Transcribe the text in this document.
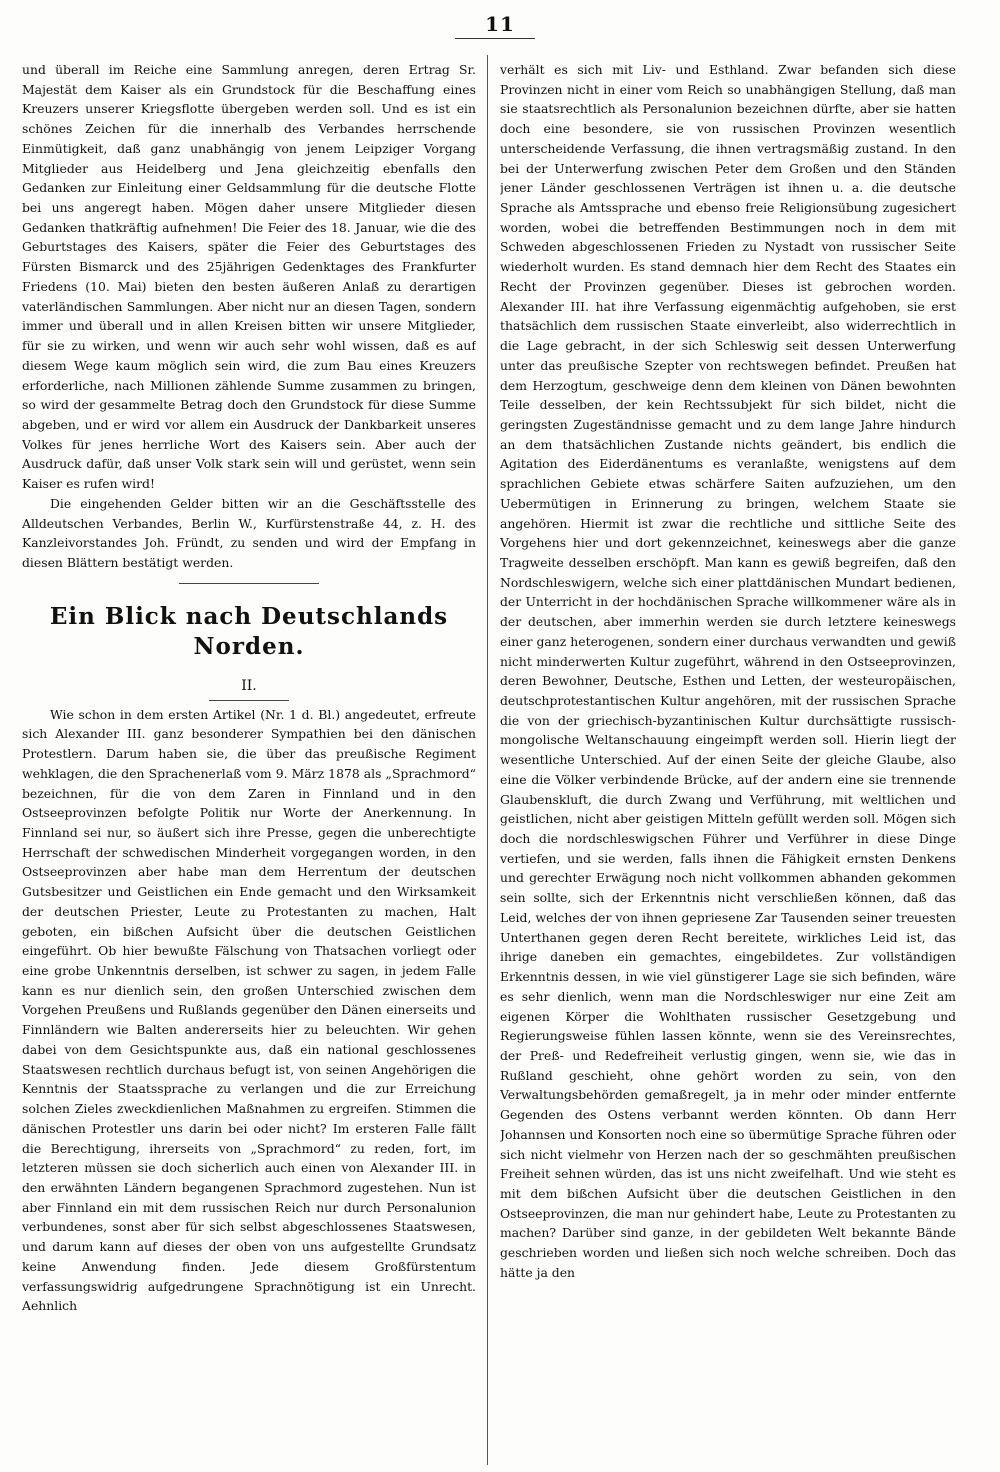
11

und überall im Reiche eine Sammlung anregen, deren Ertrag Sr. Majestät dem Kaiser als ein Grundstock für die Beschaffung eines Kreuzers unserer Kriegsflotte übergeben werden soll. Und es ist ein schönes Zeichen für die innerhalb des Verbandes herrschende Einmütigkeit, daß ganz unabhängig von jenem Leipziger Vorgang Mitglieder aus Heidelberg und Jena gleichzeitig ebenfalls den Gedanken zur Einleitung einer Geldsammlung für die deutsche Flotte bei uns angeregt haben. Mögen daher unsere Mitglieder diesen Gedanken thatkräftig aufnehmen! Die Feier des 18. Januar, wie die des Geburtstages des Kaisers, später die Feier des Geburtstages des Fürsten Bismarck und des 25jährigen Gedenktages des Frankfurter Friedens (10. Mai) bieten den besten äußeren Anlaß zu derartigen vaterländischen Sammlungen. Aber nicht nur an diesen Tagen, sondern immer und überall und in allen Kreisen bitten wir unsere Mitglieder, für sie zu wirken, und wenn wir auch sehr wohl wissen, daß es auf diesem Wege kaum möglich sein wird, die zum Bau eines Kreuzers erforderliche, nach Millionen zählende Summe zusammen zu bringen, so wird der gesammelte Betrag doch den Grundstock für diese Summe abgeben, und er wird vor allem ein Ausdruck der Dankbarkeit unseres Volkes für jenes herrliche Wort des Kaisers sein. Aber auch der Ausdruck dafür, daß unser Volk stark sein will und gerüstet, wenn sein Kaiser es rufen wird!

Die eingehenden Gelder bitten wir an die Geschäftsstelle des Alldeutschen Verbandes, Berlin W., Kurfürstenstraße 44, z. H. des Kanzleivorstandes Joh. Fründt, zu senden und wird der Empfang in diesen Blättern bestätigt werden.

Ein Blick nach Deutschlands Norden.
II.

Wie schon in dem ersten Artikel (Nr. 1 d. Bl.) angedeutet, erfreute sich Alexander III. ganz besonderer Sympathien bei den dänischen Protestlern. Darum haben sie, die über das preußische Regiment wehklagen, die den Sprachenerlaß vom 9. März 1878 als „Sprachmord“ bezeichnen, für die von dem Zaren in Finnland und in den Ostseeprovinzen befolgte Politik nur Worte der Anerkennung. In Finnland sei nur, so äußert sich ihre Presse, gegen die unberechtigte Herrschaft der schwedischen Minderheit vorgegangen worden, in den Ostseeprovinzen aber habe man dem Herrentum der deutschen Gutsbesitzer und Geistlichen ein Ende gemacht und den Wirksamkeit der deutschen Priester, Leute zu Protestanten zu machen, Halt geboten, ein bißchen Aufsicht über die deutschen Geistlichen eingeführt. Ob hier bewußte Fälschung von Thatsachen vorliegt oder eine grobe Unkenntnis derselben, ist schwer zu sagen, in jedem Falle kann es nur dienlich sein, den großen Unterschied zwischen dem Vorgehen Preußens und Rußlands gegenüber den Dänen einerseits und Finnländern wie Balten andererseits hier zu beleuchten. Wir gehen dabei von dem Gesichtspunkte aus, daß ein national geschlossenes Staatswesen rechtlich durchaus befugt ist, von seinen Angehörigen die Kenntnis der Staatssprache zu verlangen und die zur Erreichung solchen Zieles zweckdienlichen Maßnahmen zu ergreifen. Stimmen die dänischen Protestler uns darin bei oder nicht? Im ersteren Falle fällt die Berechtigung, ihrerseits von „Sprachmord“ zu reden, fort, im letzteren müssen sie doch sicherlich auch einen von Alexander III. in den erwähnten Ländern begangenen Sprachmord zugestehen. Nun ist aber Finnland ein mit dem russischen Reich nur durch Personalunion verbundenes, sonst aber für sich selbst abgeschlossenes Staatswesen, und darum kann auf dieses der oben von uns aufgestellte Grundsatz keine Anwendung finden. Jede diesem Großfürstentum verfassungswidrig aufgedrungene Sprachnötigung ist ein Unrecht. Aehnlich

verhält es sich mit Liv- und Esthland. Zwar befanden sich diese Provinzen nicht in einer vom Reich so unabhängigen Stellung, daß man sie staatsrechtlich als Personalunion bezeichnen dürfte, aber sie hatten doch eine besondere, sie von russischen Provinzen wesentlich unterscheidende Verfassung, die ihnen vertragsmäßig zustand. In den bei der Unterwerfung zwischen Peter dem Großen und den Ständen jener Länder geschlossenen Verträgen ist ihnen u. a. die deutsche Sprache als Amtssprache und ebenso freie Religionsübung zugesichert worden, wobei die betreffenden Bestimmungen noch in dem mit Schweden abgeschlossenen Frieden zu Nystadt von russischer Seite wiederholt wurden. Es stand demnach hier dem Recht des Staates ein Recht der Provinzen gegenüber. Dieses ist gebrochen worden. Alexander III. hat ihre Verfassung eigenmächtig aufgehoben, sie erst thatsächlich dem russischen Staate einverleibt, also widerrechtlich in die Lage gebracht, in der sich Schleswig seit dessen Unterwerfung unter das preußische Szepter von rechtswegen befindet. Preußen hat dem Herzogtum, geschweige denn dem kleinen von Dänen bewohnten Teile desselben, der kein Rechtssubjekt für sich bildet, nicht die geringsten Zugeständnisse gemacht und zu dem lange Jahre hindurch an dem thatsächlichen Zustande nichts geändert, bis endlich die Agitation des Eiderdänentums es veranlaßte, wenigstens auf dem sprachlichen Gebiete etwas schärfere Saiten aufzuziehen, um den Uebermütigen in Erinnerung zu bringen, welchem Staate sie angehören. Hiermit ist zwar die rechtliche und sittliche Seite des Vorgehens hier und dort gekennzeichnet, keineswegs aber die ganze Tragweite desselben erschöpft. Man kann es gewiß begreifen, daß den Nordschleswigern, welche sich einer plattdänischen Mundart bedienen, der Unterricht in der hochdänischen Sprache willkommener wäre als in der deutschen, aber immerhin werden sie durch letztere keineswegs einer ganz heterogenen, sondern einer durchaus verwandten und gewiß nicht minderwerten Kultur zugeführt, während in den Ostseeprovinzen, deren Bewohner, Deutsche, Esthen und Letten, der westeuropäischen, deutschprotestantischen Kultur angehören, mit der russischen Sprache die von der griechisch-byzantinischen Kultur durchsättigte russisch-mongolische Weltanschauung eingeimpft werden soll. Hierin liegt der wesentliche Unterschied. Auf der einen Seite der gleiche Glaube, also eine die Völker verbindende Brücke, auf der andern eine sie trennende Glaubenskluft, die durch Zwang und Verführung, mit weltlichen und geistlichen, nicht aber geistigen Mitteln gefüllt werden soll. Mögen sich doch die nordschleswigschen Führer und Verführer in diese Dinge vertiefen, und sie werden, falls ihnen die Fähigkeit ernsten Denkens und gerechter Erwägung noch nicht vollkommen abhanden gekommen sein sollte, sich der Erkenntnis nicht verschließen können, daß das Leid, welches der von ihnen gepriesene Zar Tausenden seiner treuesten Unterthanen gegen deren Recht bereitete, wirkliches Leid ist, das ihrige daneben ein gemachtes, eingebildetes. Zur vollständigen Erkenntnis dessen, in wie viel günstigerer Lage sie sich befinden, wäre es sehr dienlich, wenn man die Nordschleswiger nur eine Zeit am eigenen Körper die Wohlthaten russischer Gesetzgebung und Regierungsweise fühlen lassen könnte, wenn sie des Vereinsrechtes, der Preß- und Redefreiheit verlustig gingen, wenn sie, wie das in Rußland geschieht, ohne gehört worden zu sein, von den Verwaltungsbehörden gemaßregelt, ja in mehr oder minder entfernte Gegenden des Ostens verbannt werden könnten. Ob dann Herr Johannsen und Konsorten noch eine so übermütige Sprache führen oder sich nicht vielmehr von Herzen nach der so geschmähten preußischen Freiheit sehnen würden, das ist uns nicht zweifelhaft. Und wie steht es mit dem bißchen Aufsicht über die deutschen Geistlichen in den Ostseeprovinzen, die man nur gehindert habe, Leute zu Protestanten zu machen? Darüber sind ganze, in der gebildeten Welt bekannte Bände geschrieben worden und ließen sich noch welche schreiben. Doch das hätte ja den
